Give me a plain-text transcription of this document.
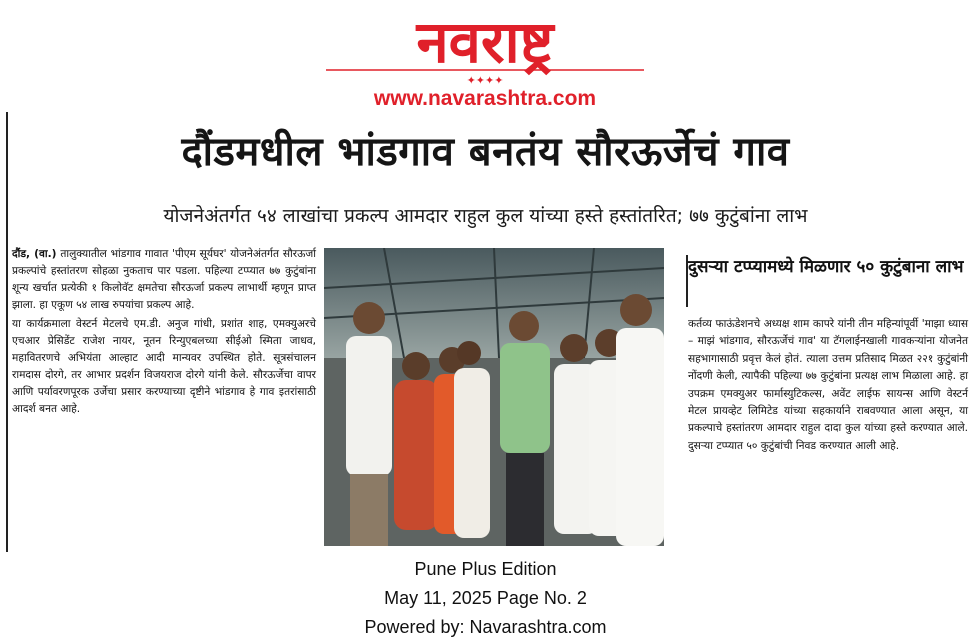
नवराष्ट्र
✦✦✦✦
www.navarashtra.com
दौंडमधील भांडगाव बनतंय सौरऊर्जेचं गाव
योजनेअंतर्गत ५४ लाखांचा प्रकल्प आमदार राहुल कुल यांच्या हस्ते हस्तांतरित; ७७ कुटुंबांना लाभ

दौंड, (वा.) तालुक्यातील भांडगाव गावात 'पीएम सूर्यघर' योजनेअंतर्गत सौरऊर्जा प्रकल्पांचे हस्तांतरण सोहळा नुकताच पार पडला. पहिल्या टप्प्यात ७७ कुटुंबांना शून्य खर्चात प्रत्येकी १ किलोवॅट क्षमतेचा सौरऊर्जा प्रकल्प लाभार्थी म्हणून प्राप्त झाला. हा एकूण ५४ लाख रुपयांचा प्रकल्प आहे.

या कार्यक्रमाला वेस्टर्न मेटलचे एम.डी. अनुज गांधी, प्रशांत शाह, एमक्युअरचे एचआर प्रेसिडेंट राजेश नायर, नूतन रिन्युएबलच्या सीईओ स्मिता जाधव, महावितरणचे अभियंता आल्हाट आदी मान्यवर उपस्थित होते. सूत्रसंचालन रामदास दोरगे, तर आभार प्रदर्शन विजयराज दोरगे यांनी केले. सौरऊर्जेचा वापर आणि पर्यावरणपूरक उर्जेचा प्रसार करण्याच्या दृष्टीने भांडगाव हे गाव इतरांसाठी आदर्श बनत आहे.

दुसऱ्या टप्प्यामध्ये मिळणार ५० कुटुंबाना लाभ

कर्तव्य फाऊंडेशनचे अध्यक्ष शाम कापरे यांनी तीन महिन्यांपूर्वी 'माझा ध्यास – माझं भांडगाव, सौरऊर्जेचं गाव' या टॅगलाईनखाली गावकऱ्यांना योजनेत सहभागासाठी प्रवृत्त केलं होतं. त्याला उत्तम प्रतिसाद मिळत २२१ कुटुंबांनी नोंदणी केली, त्यापैकी पहिल्या ७७ कुटुंबांना प्रत्यक्ष लाभ मिळाला आहे. हा उपक्रम एमक्युअर फार्मास्युटिकल्स, अवेंट लाईफ सायन्स आणि वेस्टर्न मेटल प्रायव्हेट लिमिटेड यांच्या सहकार्याने राबवण्यात आला असून, या प्रकल्पाचे हस्तांतरण आमदार राहुल दादा कुल यांच्या हस्ते करण्यात आले. दुसऱ्या टप्प्यात ५० कुटुंबांची निवड करण्यात आली आहे.

Pune Plus Edition
May 11, 2025 Page No. 2
Powered by: Navarashtra.com
